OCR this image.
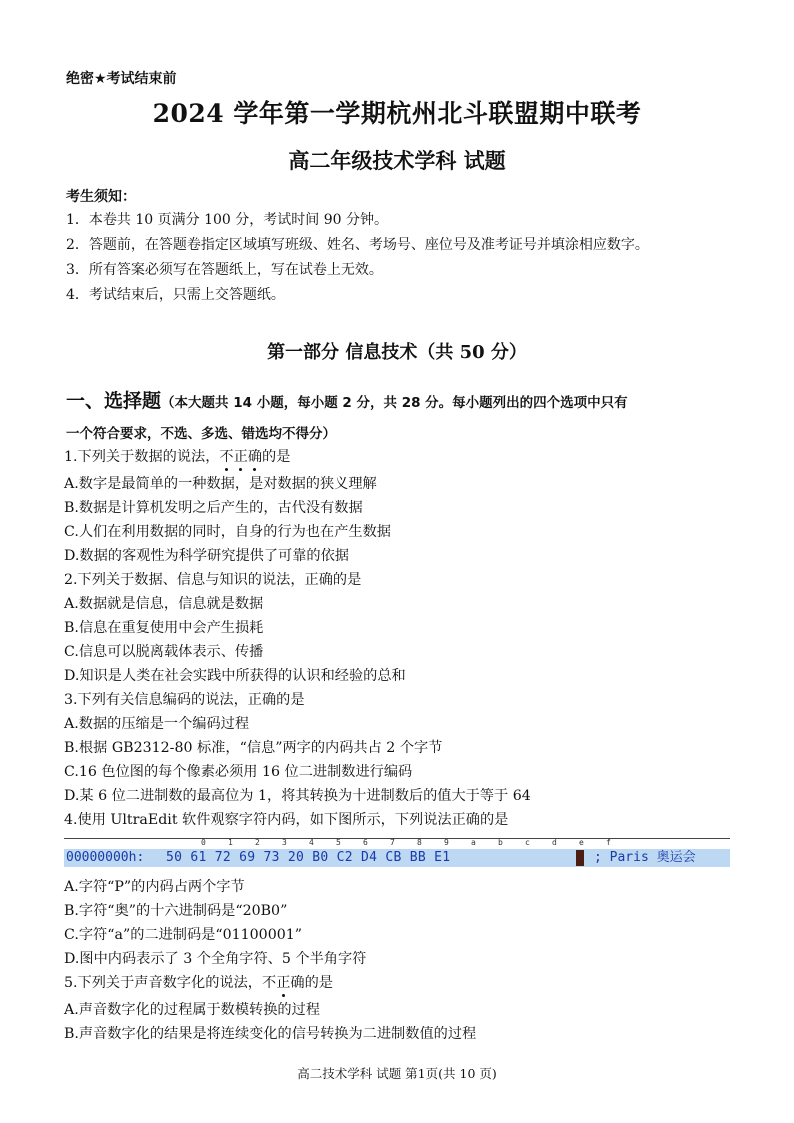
绝密★考试结束前
2024 学年第一学期杭州北斗联盟期中联考
高二年级技术学科 试题
考生须知：
1．本卷共 10 页满分 100 分，考试时间 90 分钟。
2．答题前，在答题卷指定区域填写班级、姓名、考场号、座位号及准考证号并填涂相应数字。
3．所有答案必须写在答题纸上，写在试卷上无效。
4．考试结束后，只需上交答题纸。
第一部分 信息技术（共 50 分）
一、选择题（本大题共 14 小题，每小题 2 分，共 28 分。每小题列出的四个选项中只有
一个符合要求，不选、多选、错选均不得分）
1.下列关于数据的说法，不正确的是
A.数字是最简单的一种数据，是对数据的狭义理解
B.数据是计算机发明之后产生的，古代没有数据
C.人们在利用数据的同时，自身的行为也在产生数据
D.数据的客观性为科学研究提供了可靠的依据
2.下列关于数据、信息与知识的说法，正确的是
A.数据就是信息，信息就是数据
B.信息在重复使用中会产生损耗
C.信息可以脱离载体表示、传播
D.知识是人类在社会实践中所获得的认识和经验的总和
3.下列有关信息编码的说法，正确的是
A.数据的压缩是一个编码过程
B.根据 GB2312-80 标准，“信息”两字的内码共占 2 个字节
C.16 色位图的每个像素必须用 16 位二进制数进行编码
D.某 6 位二进制数的最高位为 1，将其转换为十进制数后的值大于等于 64
4.使用 UltraEdit 软件观察字符内码，如下图所示，下列说法正确的是
0	1	2	3	4	5	6	7	8	9	a	b	c	d	e	f
00000000h: 50 61 72 69 73 20 B0 C2 D4 CB BB E1	; Paris 奥运会
A.字符“P”的内码占两个字节
B.字符“奥”的十六进制码是“20B0”
C.字符“a”的二进制码是“01100001”
D.图中内码表示了 3 个全角字符、5 个半角字符
5.下列关于声音数字化的说法，不正确的是
A.声音数字化的过程属于数模转换的过程
B.声音数字化的结果是将连续变化的信号转换为二进制数值的过程
高二技术学科 试题 第1页(共 10 页)
